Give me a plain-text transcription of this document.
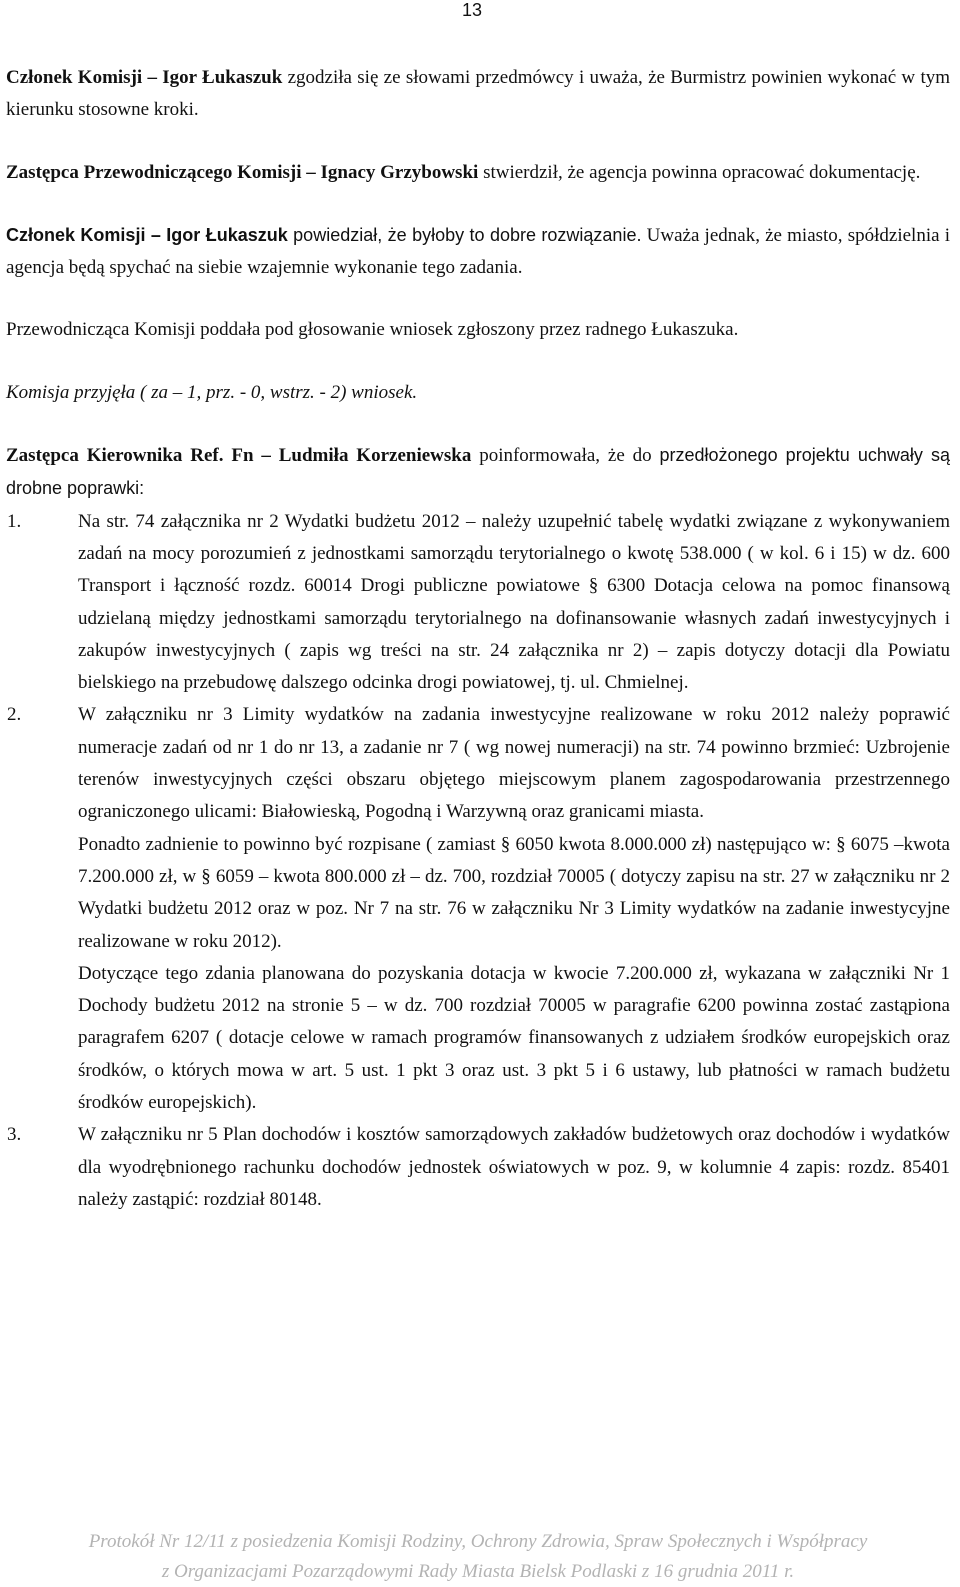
13

Członek Komisji – Igor Łukaszuk zgodziła się ze słowami przedmówcy i uważa, że Burmistrz powinien wykonać w tym kierunku stosowne kroki.

Zastępca Przewodniczącego Komisji – Ignacy Grzybowski stwierdził, że agencja powinna opracować dokumentację.

Członek Komisji – Igor Łukaszuk powiedział, że byłoby to dobre rozwiązanie. Uważa jednak, że miasto, spółdzielnia i agencja będą spychać na siebie wzajemnie wykonanie tego zadania.

Przewodnicząca Komisji poddała pod głosowanie wniosek zgłoszony przez radnego Łukaszuka.

Komisja przyjęła ( za – 1, prz. - 0, wstrz. - 2) wniosek.

Zastępca Kierownika Ref. Fn – Ludmiła Korzeniewska poinformowała, że do przedłożonego projektu uchwały są drobne poprawki:

1.	Na str. 74 załącznika nr 2 Wydatki budżetu 2012 – należy uzupełnić tabelę wydatki związane z wykonywaniem zadań na mocy porozumień z jednostkami samorządu terytorialnego o kwotę 538.000 ( w kol. 6 i 15) w dz. 600 Transport i łączność rozdz. 60014 Drogi publiczne powiatowe § 6300 Dotacja celowa na pomoc finansową udzielaną między jednostkami samorządu terytorialnego na dofinansowanie własnych zadań inwestycyjnych i zakupów inwestycyjnych ( zapis wg treści na str. 24 załącznika nr 2) – zapis dotyczy dotacji dla Powiatu bielskiego na przebudowę dalszego odcinka drogi powiatowej, tj. ul. Chmielnej.
2.	W załączniku nr 3 Limity wydatków na zadania inwestycyjne realizowane w roku 2012 należy poprawić numeracje zadań od nr 1 do nr 13, a zadanie nr 7 ( wg nowej numeracji) na str. 74 powinno brzmieć: Uzbrojenie terenów inwestycyjnych części obszaru objętego miejscowym planem zagospodarowania przestrzennego ograniczonego ulicami: Białowieską, Pogodną i Warzywną oraz granicami miasta.
Ponadto zadnienie to powinno być rozpisane ( zamiast § 6050 kwota 8.000.000 zł) następująco w: § 6075 –kwota 7.200.000 zł, w § 6059 – kwota 800.000 zł – dz. 700, rozdział 70005 ( dotyczy zapisu na str. 27 w załączniku nr 2 Wydatki budżetu 2012 oraz w poz. Nr 7 na str. 76 w załączniku Nr 3 Limity wydatków na zadanie inwestycyjne realizowane w roku 2012).
Dotyczące tego zdania planowana do pozyskania dotacja w kwocie 7.200.000 zł, wykazana w załączniki Nr 1 Dochody budżetu 2012 na stronie 5 – w dz. 700 rozdział 70005 w paragrafie 6200 powinna zostać zastąpiona paragrafem 6207 ( dotacje celowe w ramach programów finansowanych z udziałem środków europejskich oraz środków, o których mowa w art. 5 ust. 1 pkt 3 oraz ust. 3 pkt 5 i 6 ustawy, lub płatności w ramach budżetu środków europejskich).
3.	W załączniku nr 5 Plan dochodów i kosztów samorządowych zakładów budżetowych oraz dochodów i wydatków dla wyodrębnionego rachunku dochodów jednostek oświatowych w poz. 9, w kolumnie 4 zapis: rozdz. 85401 należy zastąpić: rozdział 80148.
Protokół Nr 12/11 z posiedzenia Komisji Rodziny, Ochrony Zdrowia, Spraw Społecznych i Współpracy
z Organizacjami Pozarządowymi Rady Miasta Bielsk Podlaski z 16 grudnia 2011 r.
